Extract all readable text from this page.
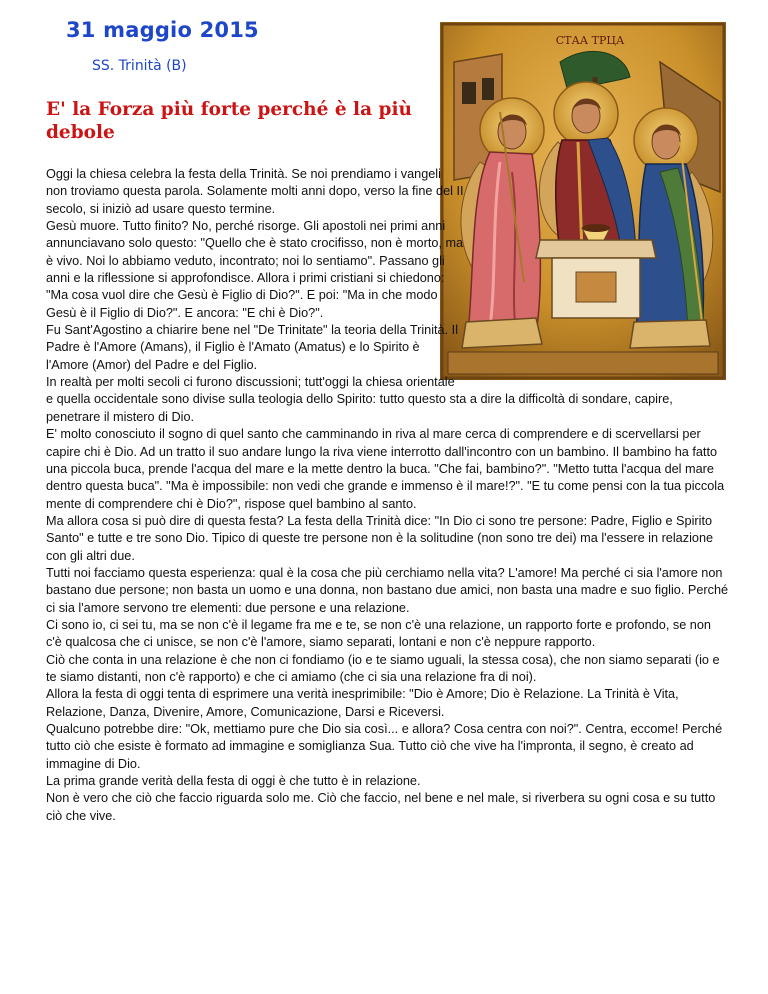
31 maggio 2015
SS. Trinità (B)
E' la Forza più forte perché è la più debole
СТАА ТРЦА

Oggi la chiesa celebra la festa della Trinità. Se noi prendiamo i vangeli non troviamo questa parola. Solamente molti anni dopo, verso la fine del II secolo, si iniziò ad usare questo termine.

Gesù muore. Tutto finito? No, perché risorge. Gli apostoli nei primi anni annunciavano solo questo: "Quello che è stato crocifisso, non è morto, ma è vivo. Noi lo abbiamo veduto, incontrato; noi lo sentiamo". Passano gli anni e la riflessione si approfondisce. Allora i primi cristiani si chiedono: "Ma cosa vuol dire che Gesù è Figlio di Dio?". E poi: "Ma in che modo Gesù è il Figlio di Dio?". E ancora: "E chi è Dio?".

Fu Sant'Agostino a chiarire bene nel "De Trinitate" la teoria della Trinità. Il Padre è l'Amore (Amans), il Figlio è l'Amato (Amatus) e lo Spirito è l'Amore (Amor) del Padre e del Figlio.

In realtà per molti secoli ci furono discussioni; tutt'oggi la chiesa orientale e quella occidentale sono divise sulla teologia dello Spirito: tutto questo sta a dire la difficoltà di sondare, capire, penetrare il mistero di Dio.

E' molto conosciuto il sogno di quel santo che camminando in riva al mare cerca di comprendere e di scervellarsi per capire chi è Dio. Ad un tratto il suo andare lungo la riva viene interrotto dall'incontro con un bambino. Il bambino ha fatto una piccola buca, prende l'acqua del mare e la mette dentro la buca. "Che fai, bambino?". "Metto tutta l'acqua del mare dentro questa buca". "Ma è impossibile: non vedi che grande e immenso è il mare!?". "E tu come pensi con la tua piccola mente di comprendere chi è Dio?", rispose quel bambino al santo.

Ma allora cosa si può dire di questa festa? La festa della Trinità dice: "In Dio ci sono tre persone: Padre, Figlio e Spirito Santo" e tutte e tre sono Dio. Tipico di queste tre persone non è la solitudine (non sono tre dei) ma l'essere in relazione con gli altri due.

Tutti noi facciamo questa esperienza: qual è la cosa che più cerchiamo nella vita? L'amore! Ma perché ci sia l'amore non bastano due persone; non basta un uomo e una donna, non bastano due amici, non basta una madre e suo figlio. Perché ci sia l'amore servono tre elementi: due persone e una relazione.

Ci sono io, ci sei tu, ma se non c'è il legame fra me e te, se non c'è una relazione, un rapporto forte e profondo, se non c'è qualcosa che ci unisce, se non c'è l'amore, siamo separati, lontani e non c'è neppure rapporto.

Ciò che conta in una relazione è che non ci fondiamo (io e te siamo uguali, la stessa cosa), che non siamo separati (io e te siamo distanti, non c'è rapporto) e che ci amiamo (che ci sia una relazione fra di noi).

Allora la festa di oggi tenta di esprimere una verità inesprimibile: "Dio è Amore; Dio è Relazione. La Trinità è Vita, Relazione, Danza, Divenire, Amore, Comunicazione, Darsi e Riceversi.

Qualcuno potrebbe dire: "Ok, mettiamo pure che Dio sia così... e allora? Cosa centra con noi?". Centra, eccome! Perché tutto ciò che esiste è formato ad immagine e somiglianza Sua. Tutto ciò che vive ha l'impronta, il segno, è creato ad immagine di Dio.

La prima grande verità della festa di oggi è che tutto è in relazione.

Non è vero che ciò che faccio riguarda solo me. Ciò che faccio, nel bene e nel male, si riverbera su ogni cosa e su tutto ciò che vive.
